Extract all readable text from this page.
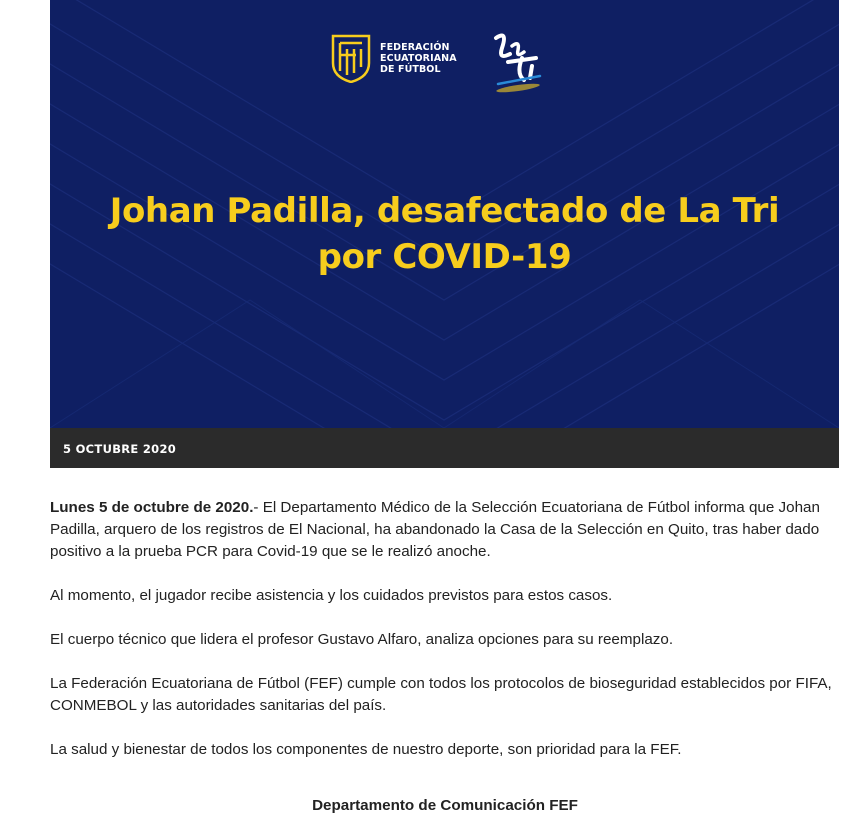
FEDERACIÓN
ECUATORIANA
DE FÚTBOL
Johan Padilla, desafectado de La Tri
por COVID-19
5 OCTUBRE 2020

Lunes 5 de octubre de 2020.- El Departamento Médico de la Selección Ecuatoriana de Fútbol informa que Johan Padilla, arquero de los registros de El Nacional, ha abandonado la Casa de la Selección en Quito, tras haber dado positivo a la prueba PCR para Covid-19 que se le realizó anoche.

Al momento, el jugador recibe asistencia y los cuidados previstos para estos casos.

El cuerpo técnico que lidera el profesor Gustavo Alfaro, analiza opciones para su reemplazo.

La Federación Ecuatoriana de Fútbol (FEF) cumple con todos los protocolos de bioseguridad establecidos por FIFA, CONMEBOL y las autoridades sanitarias del país.

La salud y bienestar de todos los componentes de nuestro deporte, son prioridad para la FEF.

Departamento de Comunicación FEF
